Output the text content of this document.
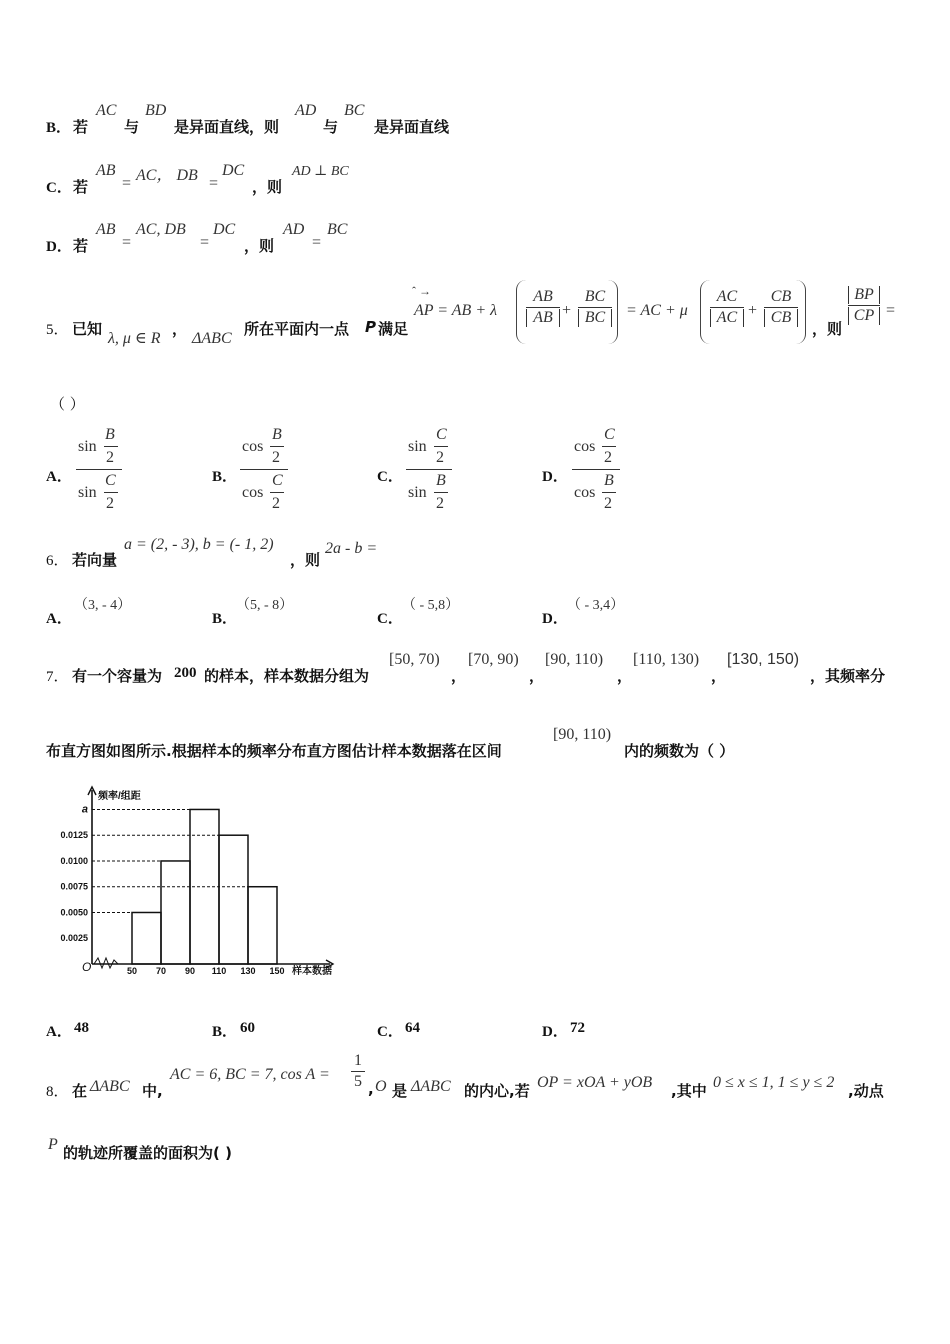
B． 若
AC
与
BD
是异面直线，则
AD
与
BC
是异面直线
C． 若
AB
= AC， DB =
DC
，则
AD ⊥ BC
D． 若
AB
=
AC, DB
=
DC
，则
AD
=
BC
5． 已知
λ, μ ∈ R
，
ΔABC
所在平面内一点 P 满足
ˆ →
AP = AB + λ
AB
AB +
BC
BC	= AC + μ
AC
AC +
CB
CB
，则
BP
CP =
（ ）
A．
sin
B
2
sin
C
2
B．
cos
B
2
cos
C
2
C．
sin
C
2
sin
B
2
D．
cos
C
2
cos
B
2
6． 若向量
a = (2, - 3), b = (- 1, 2)
，则
2a - b =
A．
（3, - 4）
B．
（5, - 8）
C．
（ - 5,8）
D．
（ - 3,4）
7． 有一个容量为 200 的样本，样本数据分组为
[50, 70)
，
[70, 90)
，
[90, 110)
，
[110, 130)
，
[130, 150)
，其频率分
布直方图如图所示.根据样本的频率分布直方图估计样本数据落在区间
[90, 110)
内的频数为（ ）
频率/组距
样本数据
O
0.0025
0.0050
0.0075
0.0100
0.0125
a
50 70 90 110 130 150
A． 48	B． 60	C． 64	D． 72
8． 在 ΔABC 中,
AC = 6, BC = 7, cos A =
1
5 , O 是 ΔABC 的内心,若 OP = xOA + yOB ,其中 0 ≤ x ≤ 1, 1 ≤ y ≤ 2 ,动点
P 的轨迹所覆盖的面积为( )
